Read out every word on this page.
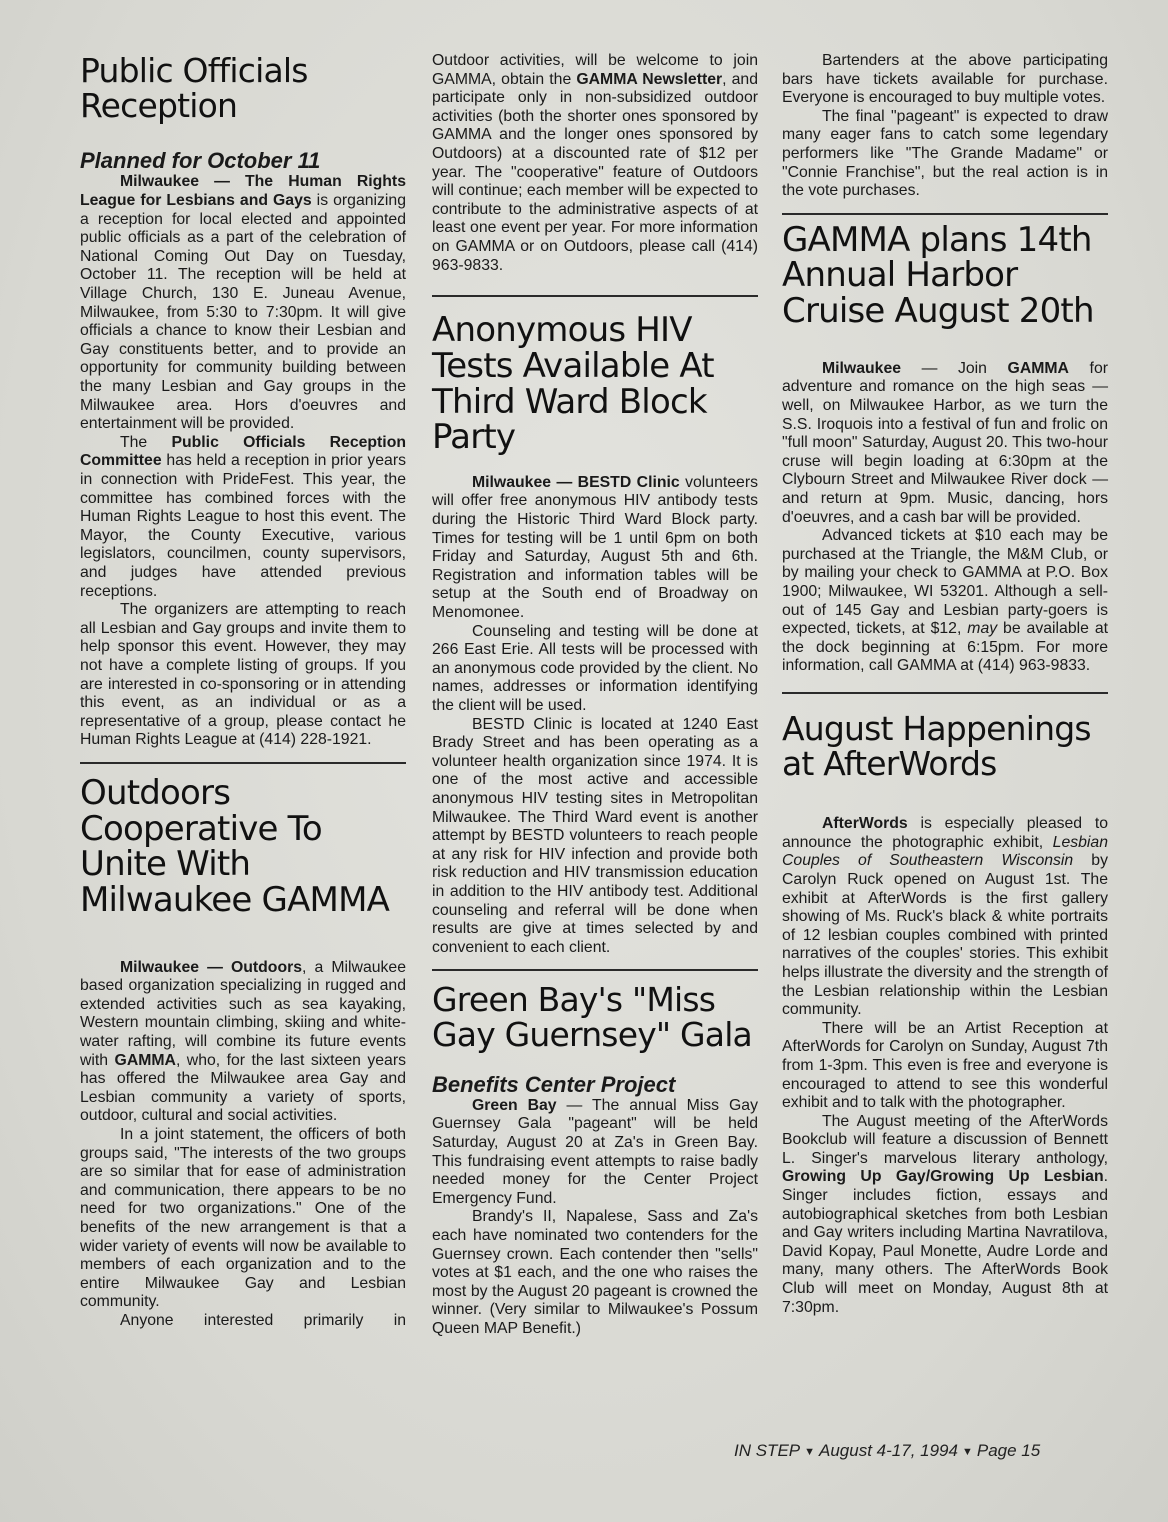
Public Officials
Reception
Planned for October 11

Milwaukee — The Human Rights League for Lesbians and Gays is organizing a reception for local elected and appointed public officials as a part of the celebration of National Coming Out Day on Tuesday, October 11. The reception will be held at Village Church, 130 E. Juneau Avenue, Milwaukee, from 5:30 to 7:30pm. It will give officials a chance to know their Lesbian and Gay constituents better, and to provide an opportunity for community building between the many Lesbian and Gay groups in the Milwaukee area. Hors d'oeuvres and entertainment will be provided.

The Public Officials Reception Committee has held a reception in prior years in connection with PrideFest. This year, the committee has combined forces with the Human Rights League to host this event. The Mayor, the County Executive, various legislators, councilmen, county supervisors, and judges have attended previous receptions.

The organizers are attempting to reach all Lesbian and Gay groups and invite them to help sponsor this event. However, they may not have a complete listing of groups. If you are interested in co-sponsoring or in attending this event, as an individual or as a representative of a group, please contact he Human Rights League at (414) 228-1921.

Outdoors Cooperative To Unite With Milwaukee GAMMA

Milwaukee — Outdoors, a Milwaukee based organization specializing in rugged and extended activities such as sea kayaking, Western mountain climbing, skiing and white-water rafting, will combine its future events with GAMMA, who, for the last sixteen years has offered the Milwaukee area Gay and Lesbian community a variety of sports, outdoor, cultural and social activities.

In a joint statement, the officers of both groups said, "The interests of the two groups are so similar that for ease of administration and communication, there appears to be no need for two organizations." One of the benefits of the new arrangement is that a wider variety of events will now be available to members of each organization and to the entire Milwaukee Gay and Lesbian community.

Anyone interested primarily in

Outdoor activities, will be welcome to join GAMMA, obtain the GAMMA Newsletter, and participate only in non-subsidized outdoor activities (both the shorter ones sponsored by GAMMA and the longer ones sponsored by Outdoors) at a discounted rate of $12 per year. The "cooperative" feature of Outdoors will continue; each member will be expected to contribute to the administrative aspects of at least one event per year. For more information on GAMMA or on Outdoors, please call (414) 963-9833.

Anonymous HIV Tests Available At Third Ward Block Party

Milwaukee — BESTD Clinic volunteers will offer free anonymous HIV antibody tests during the Historic Third Ward Block party. Times for testing will be 1 until 6pm on both Friday and Saturday, August 5th and 6th. Registration and information tables will be setup at the South end of Broadway on Menomonee.

Counseling and testing will be done at 266 East Erie. All tests will be processed with an anonymous code provided by the client. No names, addresses or information identifying the client will be used.

BESTD Clinic is located at 1240 East Brady Street and has been operating as a volunteer health organization since 1974. It is one of the most active and accessible anonymous HIV testing sites in Metropolitan Milwaukee. The Third Ward event is another attempt by BESTD volunteers to reach people at any risk for HIV infection and provide both risk reduction and HIV transmission education in addition to the HIV antibody test. Additional counseling and referral will be done when results are give at times selected by and convenient to each client.

Green Bay's "Miss Gay Guernsey" Gala
Benefits Center Project

Green Bay — The annual Miss Gay Guernsey Gala "pageant" will be held Saturday, August 20 at Za's in Green Bay. This fundraising event attempts to raise badly needed money for the Center Project Emergency Fund.

Brandy's II, Napalese, Sass and Za's each have nominated two contenders for the Guernsey crown. Each contender then "sells" votes at $1 each, and the one who raises the most by the August 20 pageant is crowned the winner. (Very similar to Milwaukee's Possum Queen MAP Benefit.)

Bartenders at the above participating bars have tickets available for purchase. Everyone is encouraged to buy multiple votes.

The final "pageant" is expected to draw many eager fans to catch some legendary performers like "The Grande Madame" or "Connie Franchise", but the real action is in the vote purchases.

GAMMA plans 14th Annual Harbor Cruise August 20th

Milwaukee — Join GAMMA for adventure and romance on the high seas — well, on Milwaukee Harbor, as we turn the S.S. Iroquois into a festival of fun and frolic on "full moon" Saturday, August 20. This two-hour cruse will begin loading at 6:30pm at the Clybourn Street and Milwaukee River dock — and return at 9pm. Music, dancing, hors d'oeuvres, and a cash bar will be provided.

Advanced tickets at $10 each may be purchased at the Triangle, the M&M Club, or by mailing your check to GAMMA at P.O. Box 1900; Milwaukee, WI 53201. Although a sell-out of 145 Gay and Lesbian party-goers is expected, tickets, at $12, may be available at the dock beginning at 6:15pm. For more information, call GAMMA at (414) 963-9833.

August Happenings at AfterWords

AfterWords is especially pleased to announce the photographic exhibit, Lesbian Couples of Southeastern Wisconsin by Carolyn Ruck opened on August 1st. The exhibit at AfterWords is the first gallery showing of Ms. Ruck's black & white portraits of 12 lesbian couples combined with printed narratives of the couples' stories. This exhibit helps illustrate the diversity and the strength of the Lesbian relationship within the Lesbian community.

There will be an Artist Reception at AfterWords for Carolyn on Sunday, August 7th from 1-3pm. This even is free and everyone is encouraged to attend to see this wonderful exhibit and to talk with the photographer.

The August meeting of the AfterWords Bookclub will feature a discussion of Bennett L. Singer's marvelous literary anthology, Growing Up Gay/Growing Up Lesbian. Singer includes fiction, essays and autobiographical sketches from both Lesbian and Gay writers including Martina Navratilova, David Kopay, Paul Monette, Audre Lorde and many, many others. The AfterWords Book Club will meet on Monday, August 8th at 7:30pm.

IN STEP ▼ August 4-17, 1994 ▼ Page 15
